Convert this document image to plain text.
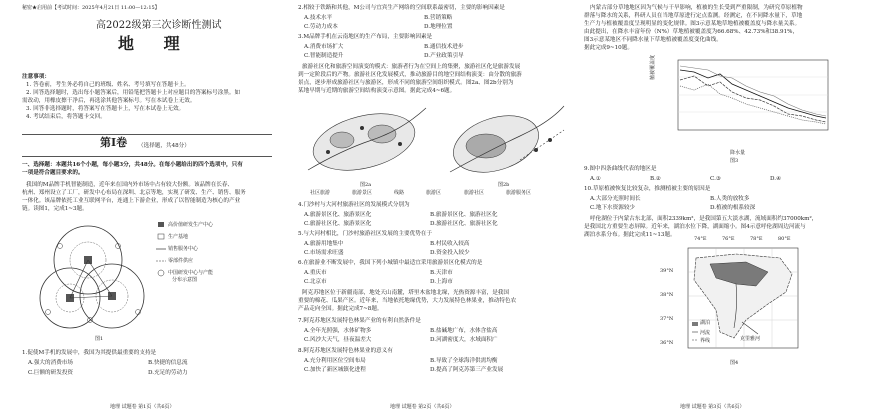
秘密★启用前【考试时间：2025年4月21日 11:00—12:15】
高2022级第三次诊断性测试
地 理
注意事项：
1. 答卷前，考生务必将自己的班级、姓名、考号填写在答题卡上。
2. 回答选择题时，选出每小题答案后，用铅笔把答题卡上对应题目的答案标号涂黑。如
需改动，用橡皮擦干净后，再选涂其他答案标号。写在本试卷上无效。
3. 回答非选择题时，将答案写在答题卡上，写在本试卷上无效。
4. 考试结束后，将答题卡交回。
第Ⅰ卷 （选择题，共48分）
一、选择题：本题共16个小题，每小题3分，共48分。在每小题给出的四个选项中，只有
一项是符合题目要求的。
我国的M品牌手机智能制造，近年来在国内外市场中占有较大份额。该品牌在长春、
杭州、郑州设立了工厂，研发中心布局在深圳、北京等地，实现了研发、生产、销售、服务
一体化。该品牌依托工业互联网平台，连通上下游企业，形成了以智能制造为核心的产业
链。读图1，完成1~3题。
高价值研发生产中心
生产基地
销售服务中心
零部件供应
中国研发中心与产能
分布示意图
图1
1.促使M手机的发展中，我国为其提供最重要的支持是
A.强大的消费市场	B.快捷的信息流
C.巨额的研发投资	D.充足的劳动力
地理 试题卷 第1页（共6页）
2.相较于铁路和其他，M公司与宜宾生产网络的空间联系最密切，主要的影响因素是
A.技术水平	B.营销策略
C.劳动力成本	D.地理位置
3.M品牌手机在云南地区的生产布局，主要影响因素是
A.消费市场扩大	B.通信技术进步
C.智能制造提升	D.产业政策引导
旅游社区化和旅游空间演变的模式：旅游者行为在空间上的集聚，旅游社区化是旅游发展
到一定阶段后的产物。旅游社区化发展模式，推动旅游目的地空间结构演变：由分散的旅游
景点，逐步形成旅游社区与旅游区，形成不同的旅游空间组织模式。图2a、图2b分别为
某地早期与近期的旅游空间结构演变示意图。据此完成4~6题。
图2a	图2b
社区旅游	旅游景区	线路	旅游区	旅游社区	旅游服务区
4.门沙村与大河村旅游社区的发展模式分别为
A.旅游景区化、旅游景区化	B.旅游景区化、旅游社区化
C.旅游社区化、旅游景区化	D.旅游社区化、旅游社区化
5.与大河村相比，门沙村旅游社区发展的主要优势在于
A.旅游用地集中	B.村民收入较高
C.市场需求旺盛	D.资金投入较少
6.在旅游业不断发展中，我国下列小城镇中最适宜采用旅游景区化模式的是
A.重庆市	B.天津市
C.北京市	D.上海市
阿克苏地区位于新疆南部，地处天山南麓，塔里木盆地北缘，光热资源丰富，是我国
重要的棉花、瓜果产区。近年来，当地依托地缘优势，大力发展特色林果业，推动特色农
产品走向全国。据此完成7~8题。
7.阿克苏地区发展特色林果产业的有利自然条件是
A.全年光照强，水体矿物多	B.盐碱地广布，水体含盐高
C.风沙大天气，昼夜温差大	D.河湖密度大，水域面积广
8.阿克苏地区发展特色林果业的意义有
A.充分利用区位空间布局	B.导致了全球海洋供需均衡
C.加快了新区城镇化进程	D.提高了阿克苏第三产业发展
地理 试题卷 第2页（共6页）
内蒙古部分草地地区因为气候与干旱影响，植被的生长受到严重限制，为研究草原植物
群落与降水的关系，科研人员在当地草原进行定点监测。经测定，在不同降水量下，草地
生产力与植被覆盖度呈现明显的变化规律。图3示意某地草地植被覆盖度与降水量关系。
由此提出，在降水丰富年份（N%）草地植被覆盖度为66.68%、42.73%和38.91%，
图3示意某地区不同降水量下草地植被覆盖度变化曲线。
据此完成9~10题。
植被覆盖度
降水量
图3
9.图中四条曲线代表的地区是
A.①	B.②	C.③	D.④
10.草原植被恢复比较复杂，推测植被主要的原因是
A.大部分光照时间长	B.人类的放牧多
C.地下水资源较少	D.植被的根系较深
呼伦湖位于内蒙古东北部，面积2339km²，是我国第五大淡水湖，流域面积约37000km²，
是我国北方重要生态屏障。近年来，湖泊水位下降，湖面缩小。图4示意呼伦湖周边河流与
湖泊水系分布。据此完成11~13题。
74°E	76°E	78°E	80°E
39°N
38°N
37°N
36°N
克里雅河
湖泊
河流
界线
图4
地理 试题卷 第3页（共6页）
